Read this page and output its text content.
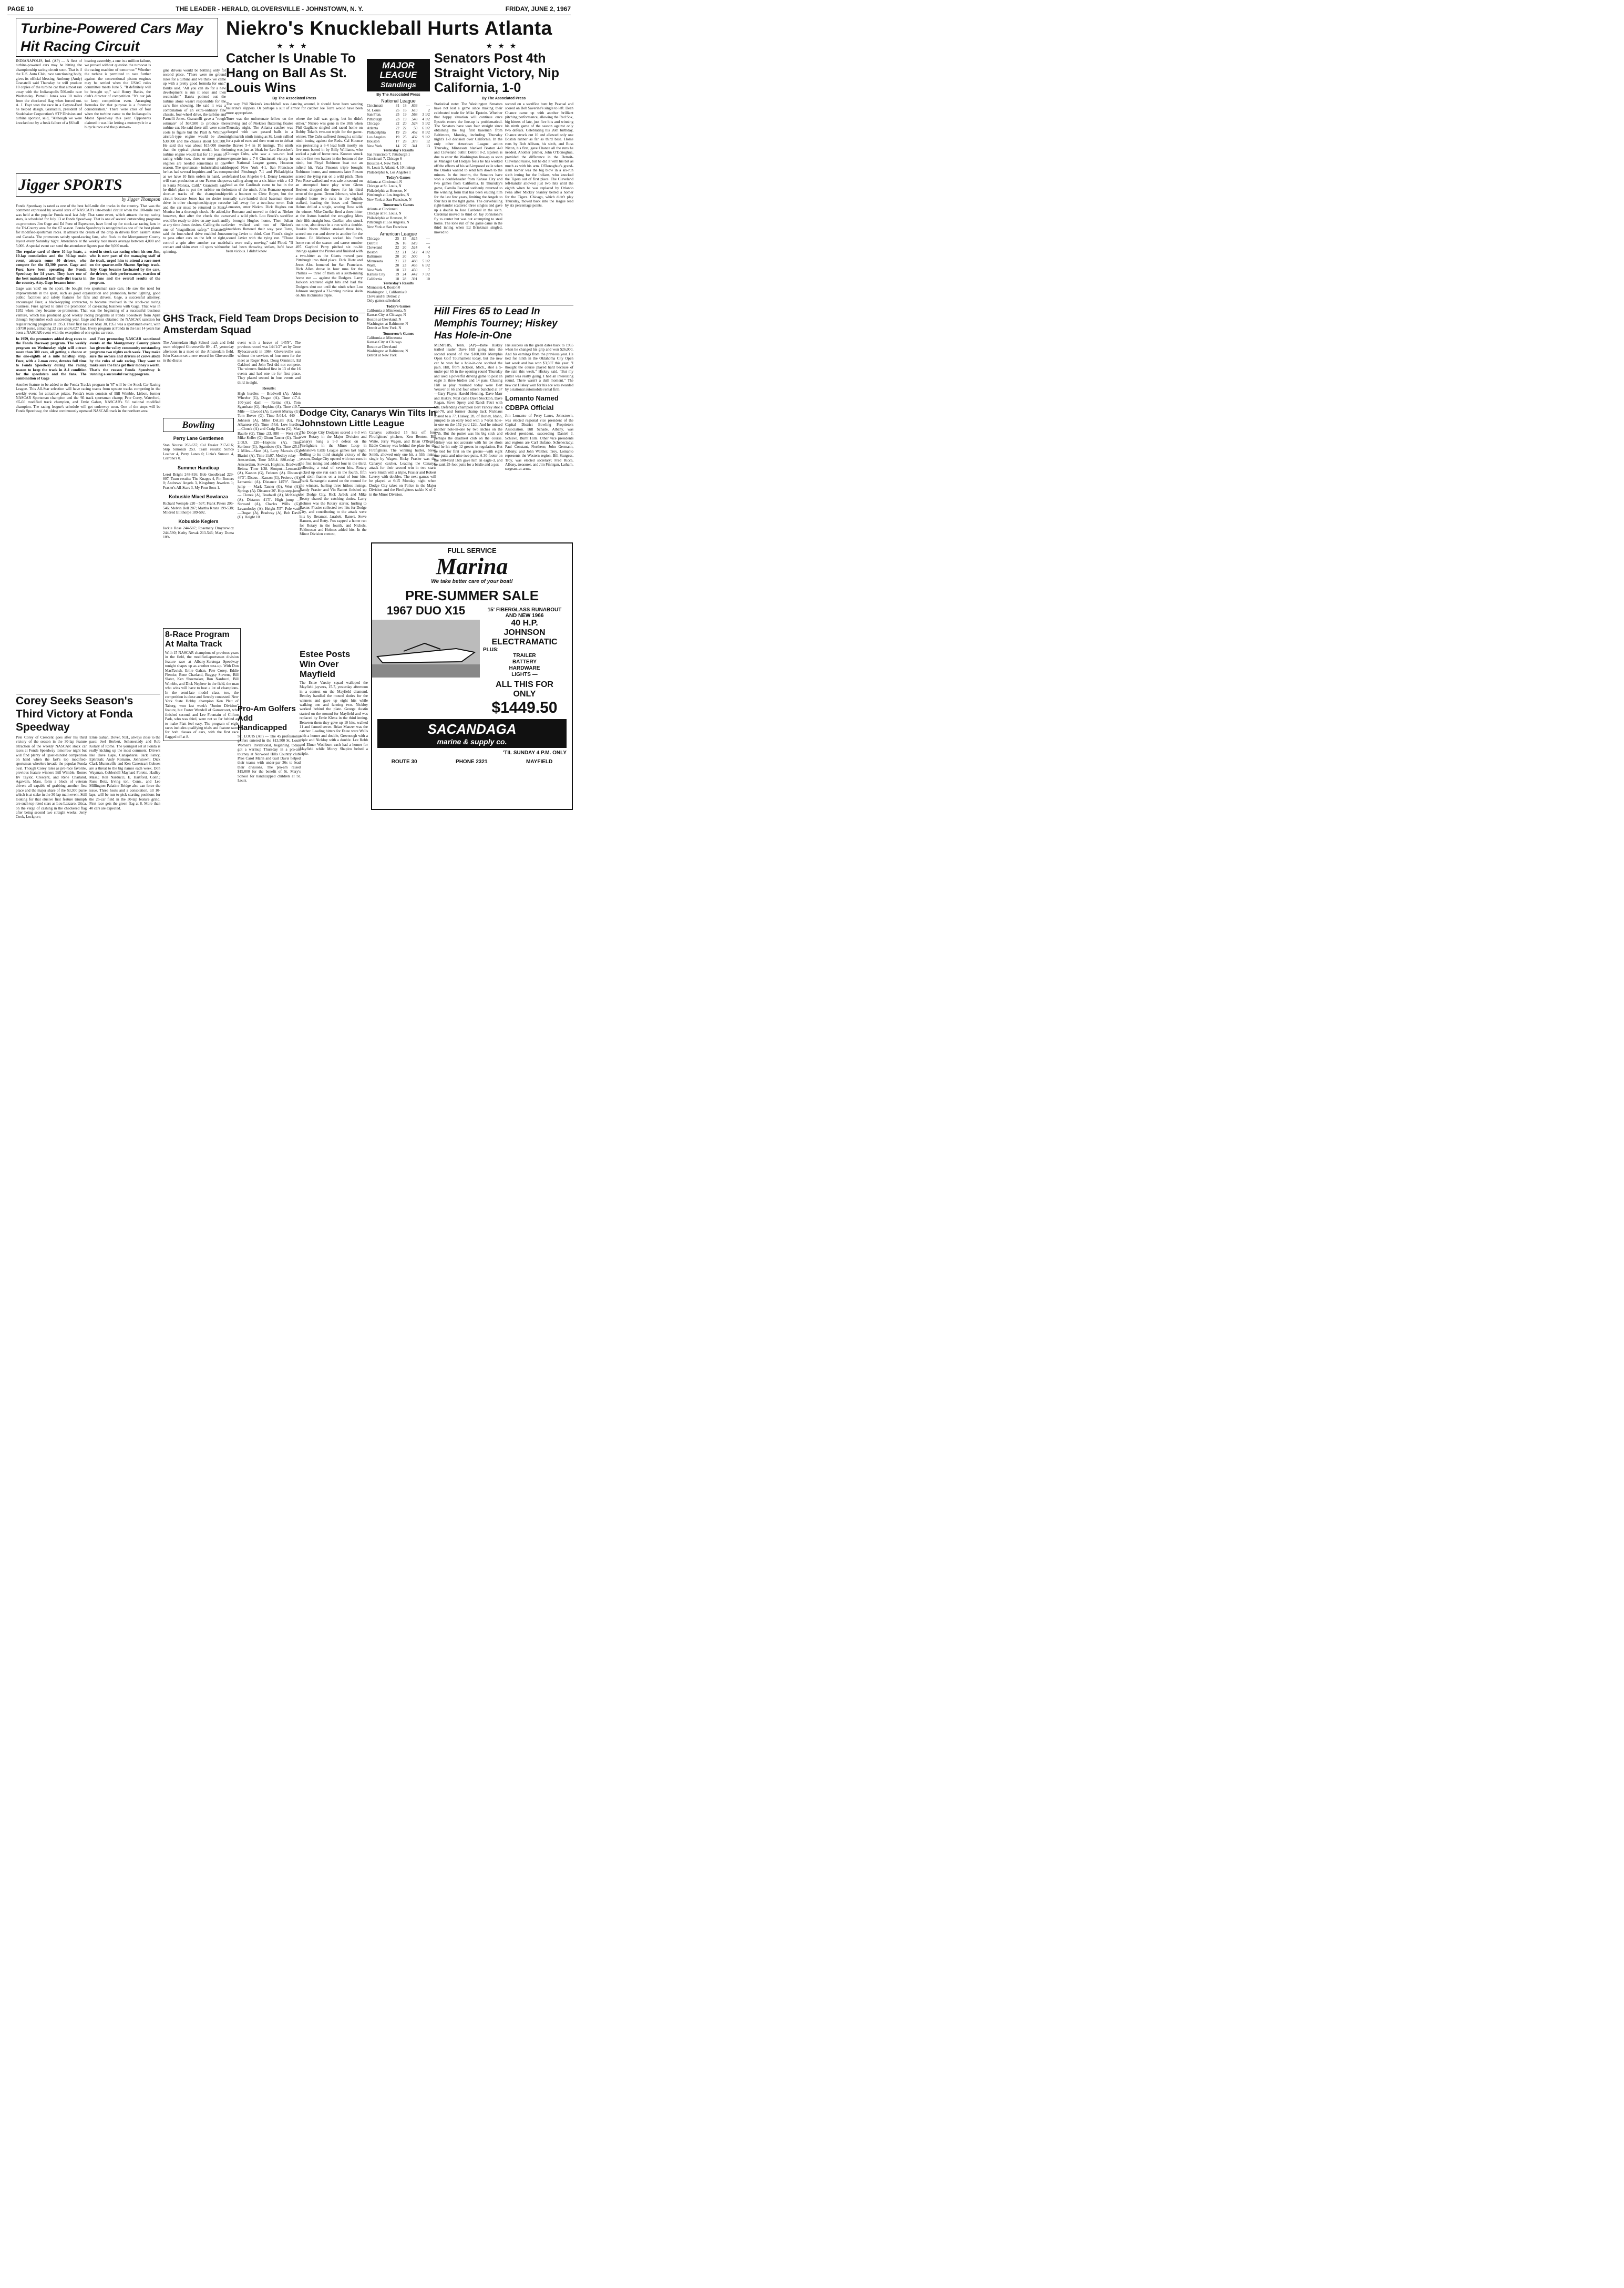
PAGE 10	THE LEADER - HERALD, GLOVERSVILLE - JOHNSTOWN, N. Y.	FRIDAY, JUNE 2, 1967
Turbine-Powered Cars May Hit Racing Circuit

INDIANAPOLIS, Ind. (AP) — A fleet of turbine-powered cars may be hitting the championship racing circuit soon. That is if the U.S. Auto Club, race sanctioning body, gives its official blessing. Anthony (Andy) Granatelli said Thursday he will produce 10 copies of the turbine car that almost ran away with the Indianapolis 500-mile race Wednesday. Parnelli Jones was 10 miles from the checkered flag when forced out. A. J. Foyt won the race in a Coyote-Ford he helped design. Granatelli, president of Studebaker Corporation's STP Division and turbine sponsor, said, "Although we were knocked out by a freak failure of a $6 ball

bearing assembly, a one in a million failure, we proved without question the turbocar is the racing machine of tomorrow." Whether the turbine is permitted to race further against the conventional piston engines may be settled when the USAC rules committee meets June 5. "It definitely will be brought up," said Henry Banks, the club's director of competition. "It's our job to keep competition even. Arranging formulas for that purpose is a foremost consideration." There were cries of foul when the turbine came to the Indianapolis Motor Speedway this year. Opponents claimed it was like letting a motorcycle in a bicycle race and the piston-en-

gine drivers would be battling only for second place. "There were no ground rules for a turbine and we think we came up with a pretty good formula for one," Banks said. "All you can do for a new development is run it once and then reconsider." Banks pointed out the turbine alone wasn't responsible for the car's fine showing. He said it was a combination of an extra-ordinary fine chassis, four-wheel drive, the turbine and Parnelli Jones. Granatelli gave a "rough estimate" of $67,500 to produce the turbine car. He said there still were some costs to figure but the Pratt & Whitney aircraft-type engine would be about $30,000 and the chassis about $37,500. He said this was about $15,000 more than the typical piston model, but the turbine engine would last for 10 years of racing while two, three or more piston engines are needed sometimes in one season. The sportsman - industrialist said he has had several inquiries and "as soon as we have 10 firm orders in hand, we will start production at our Paxton shops in Santa Monica, Calif." Granatelli said he didn't plan to put the turbine on the short-er tracks of the championship circuit because Jones has no desire to drive in other championship-type races and the car must be returned to Santa Monica for a thorough check. He added, however, that after the check the car would be ready to drive on any track and at any time Jones desires. Calling the car one of "magnificent safety," Granatelli said the four-wheel drive enabled Jones to pass other cars on the left or right, control a spin after another car made contact and skim over oil spots without spinning.

Jigger SPORTS
by Jigger Thompson

Fonda Speedway is rated as one of the best half-mile dirt tracks in the country. That was the comment expressed by several stars of NASCAR's late-model circuit when the 100-mile race was held at the popular Fonda oval last July. That same event, which attracts the top racing stars, is scheduled for July 13 at Fonda Speedway. That is one of several outstanding programs co-promoters Jim Gage and Ed Fuez of Esperance, have lined up for stock-car racing fans in the Tri-County area for the '67 season. Fonda Speedway is recognized as one of the best plants for modified-sportsman races. It attracts the cream of the crop in drivers from eastern states and Canada. The promoters satisfy speed-racing fans, who flock to the Montgomery County layout every Saturday night. Attendance at the weekly race meets average between 4,000 and 5,000. A special event can send the attendance figures past the 9,000 mark.

The regular card of three 10-lap heats, a 10-lap consolation and the 30-lap main event, attracts some 40 drivers, who compete for the $3,300 purse. Gage and Fuez have been operating the Fonda Speedway for 14 years. They have one of the best maintained half-mile dirt tracks in the country. Atty. Gage became inter-

ested in stock-car racing when his son Jim, who is now part of the managing staff of the track, urged him to attend a race meet on the quarter-mile Sharon Springs track. Atty. Gage became fascinated by the cars, the drivers, their performances, reaction of the fans and the overall results of the program.

Gage was 'sold' on the sport. He bought two sportsman race cars. He saw the need for improvements in the sport, such as good organization and promotion, better lighting, good public facilities and safety features for fans and drivers. Gage, a successful attorney, encouraged Fuez, a black-topping contractor, to become involved in the stock-car racing business. Fuez agreed to enter the promotion of car-racing business with Gage. That was in 1952 when they became co-promoters. That was the beginning of a successful business venture, which has produced good weekly racing programs at Fonda Speedway from April through September each succeeding year. Gage and Fuez obtained the NASCAR sanction for regular racing programs in 1953. Their first race on May 30, 1953 was a sportsman event, with a $750 purse, attracting 22 cars and 6,027 fans. Every program at Fonda in the last 14 years has been a NASCAR event with the exception of one sprint car race.

In 1959, the promoters added drag races to the Fonda Raceway program. The weekly program on Wednesday night will attract more than 300 cars, all getting a chance at the one-eighth of a mile hardtop strip. Fuez, with a 2-man crew, devotes full time to Fonda Speedway during the racing season to keep the track in A-1 condition for the speedsters and the fans. The combination of Gage

and Fuez promoting NASCAR sanctioned events at the Montgomery County plants has given the valley community outstanding programs two nights each week. They make sure the owners and drivers of crews abide by the rules of safe racing. They want to make sure the fans get their money's worth. That's the reason Fonda Speedway is running a successful racing program.

Another feature to be added to the Fonda Track's program in '67 will be the Stock Car Racing League. This All-Star selection will have racing teams from upstate tracks competing in the weekly event for attractive prizes. Fonda's team consists of Bill Wimble, Lisbon, former NASCAR Sportsman champion and the '66 track sportsman champ; Pete Corey, Waterford, '65-66 modified track champion, and Ernie Gahan, NASCAR's '66 national modified champion. The racing league's schedule will get underway soon. One of the stops will be Fonda Speedway, the oldest continuously operated NASCAR track in the northern area.

Corey Seeks Season's Third Victory at Fonda Speedway

Pete Corey of Crescent goes after his third victory of the season in the 30-lap feature attraction of the weekly NASCAR stock car races at Fonda Speedway tomorrow night but will find plenty of upset-minded competition on hand when the fast's top modified-sportsman wheelers invade the popular Fonda oval. Though Corey rates as pre-race favorite, previous feature winners Bill Wimble, Rome; Irv Taylor, Crescent, and Rene Charland, Agawam, Mass. form a block of veteran drivers all capable of grabbing another first place and the major share of the $3,300 purse which is at stake in the 30-lap main event. Still looking for that elusive first feature triumph are such top-rated stars as Lou Lazzaro, Utica, on the verge of cashing in the checkered flag after being second two straight weeks; Jerry Cook, Lockport;

Ernie Gahan, Dover, N.H., always close to the pace; Jeel Herbert, Schenectady and Rob Kotary of Rome. The youngest set at Fonda is really kicking up the most comment. Drivers like Dave Lape, Canajoharie; Jack Fancy, Ephratah; Andy Romano, Johnstown; Dick Clark Munnsville and Ken Canestrari Cohoes are a threat to the big names each week. Don Wayman, Cobleskill Maynard Forette, Hadley Mass.; Ron Narducci, E. Hartford, Conn.; Russ Betz, Irving ton, Conn., and Lee Millington Palatine Bridge also can force the issue. Three heats and a consolation, all 10-laps, will be run to pick starting positions for the 25-car field in the 30-lap feature grind. First race gets the green flag at 8. More than 40 cars are expected.

Bowling
Perry Lane Gentlemen

Stan Nourse 263-637; Cal Frasier 217-616; Skip Simonds 253. Team results: Simco Leather 4, Perry Lanes 0; Lizio's Sunoco 4, Cerrone's 0.

Summer Handicap

Leroi Bright 248-816; Bob Goodbread 229-807. Team results: The Knapps 4, Pin Busters 0; Andrews' Angels 3, Kingsbury Jewelers 1; Frasier's All-Stars 3, My Four Sons 1.

Kobuskie Mixed Bowlanza

Richard Wemple 220 - 597; Frank Peters 206-546; Melvin Bell 207; Martha Kranz 199-538; Mildred Ellithorpe 189-502.

Kobuskie Keglers

Jackie Ross 244-587; Rosemary Dmyterwicz 244-590; Kathy Novak 213-546; Mary Duma 189-

8-Race Program At Malta Track

With 15 NASCAR champions of previous years in the field, the modified-sportsman division feature race at Albany-Saratoga Speedway tonight shapes up as another toss-up. With Don MacTavish, Ernie Gahan, Pete Corey, Eddie Flemke, Rene Charland, Buggsy Stevens, Bill Slater, Ken Shoemaker, Ron Narducci, Bill Wimble, and Dick Nephew in the field, the man who wins will have to beat a lot of champions. In the semi-late model class, too, the competition is close and fiercely contested. New York State Hobby champion Ken Platt of Taberg, won last week's "Junior Division" feature, but Foster Wendell of Gansevoort, who finished second, and Lee Fountain of Clifton Park, who was third, were not so far behind as to make Platt feel easy. The program of eight races includes qualifying trials and feature races for both classes of cars, with the first race flagged off at 8.

Niekro's Knuckleball Hurts Atlanta
★★★
Catcher Is Unable To Hang on Ball As St. Louis Wins
By The Associated Press

The way Phil Niekro's knuckleball was dancing around, it should have been wearing ballerina's slippers. Or perhaps a suit of armor for catcher Joe Torre would have been more appropriate.

Torre was the unfortunate fellow on the receiving end of Niekro's fluttering floater Thursday night. The Atlanta catcher was charged with two passed balls in a nightmarish ninth inning as St. Louis rallied for a pair of runs and then went on to defeat the Braves 5-4 in 10 innings. The ninth inning was just as bleak for Leo Durocher's Chicago Cubs, who saw a two-run lead evaporate into a 7-6 Cincinnati victory. In other National League games, Houston dropped New York 4-1, San Francisco pounded Pittsburgh 7-1 and Philadelphia defeated Los Angeles 6-1. Denny Lemaster was sailing along on a six-hitter with a 4-2 lead as the Cardinals came to bat in the bottom of the ninth. John Romano opened with a bouncer to Clete Boyer, but the usually sure-handed third baseman threw the ball away for a two-base error. Exit Lemaster, enter Niekro. Dick Hughes ran for Romano and moved to third as Niekro served a wild pitch. Lou Brock's sacrifice fly brought Hughes home. Then Julian Javier walked and two of Niekro's knucklers fluttered their way past Torre, moving Javier to third. Curt Flood's single scored Javier with the tying run. "Those balls were really moving," said Flood. "If he had been throwing strikes, he'd have been vicious. I didn't know

where the ball was going, but he didn't either." Niekro was gone in the 10th when Phil Gagliano singled and raced home on Bobby Tolan's two-out triple for the game-winner. The Cubs suffered through a similar ninth inning against the Reds. Cal Koonce was protecting a 6-4 lead built mostly on five runs batted in by Billy Williams, who socked a pair of home runs. Koonce struck out the first two batters in the bottom of the ninth, but Floyd Robinson beat out an infield hit. Vada Pinson's triple brought Robinson home, and moments later Pinson scored the tying run on a wild pitch. Then Pete Rose walked and was safe at second on an attempted force play when Glenn Beckert dropped the throw for his third error of the game. Deron Johnson, who had singled home two runs in the eighth, walked, loading the bases and Tommy Helms drilled a single, scoring Rose with the winner. Mike Cuellar fired a three-hitter at the Astros handed the struggling Mets their fifth straight loss. Cuellar, who struck out nine, also drove in a run with a double. Rookie Norm Miller stroked three hits, scored one run and drove in another for the Astros. Ed Mathews socked his fourth home run of the season and career number 497. Gaylord Perry pitched six no-hit innings against the Pirates and finished with a two-hitter as the Giants moved past Pittsburgh into third place. Dick Dietz and Jesus Alou homered for San Francisco. Rich Allen drove in four runs for the Phillies — three of them on a sixth-inning home run — against the Dodgers. Larry Jackson scattered eight hits and had the Dodgers shut out until the ninth when Lou Johnson snapped a 23-inning runless skein on Jim Hickman's triple.

MAJOR
LEAGUE
Standings
By The Associated Press
National League
Cincinnati	31	18	.633	—
St. Louis	25	16	.610	2
San Fran.	25	19	.568	3 1/2
Pittsburgh	23	19	.548	4 1/2
Chicago	22	20	.524	5 1/2
Atlanta	22	22	.50	6 1/2
Philadelphia	19	23	.452	8 1/2
Los Angeles	19	25	.432	9 1/2
Houston	17	28	.378	12
New York	14	27	.341	13
Yesterday's Results
San Francisco 7, Pittsburgh 1
Cincinnati 7, Chicago 6
Houston 4, New York 1
St. Louis 5, Atlanta 4, 10 innings
Philadelphia 6, Los Angeles 1
Today's Games
Atlanta at Cincinnati, N
Chicago at St. Louis, N
Philadelphia at Houston, N
Pittsburgh at Los Angeles, N
New York at San Francisco, N
Tomorrow's Games
Atlanta at Cincinnati
Chicago at St. Louis, N
Philadelphia at Houston, N
Pittsburgh at Los Angeles, N
New York at San Francisco
American League
Chicago	25	15	.625	—
Detroit	26	16	.619	—
Cleveland	22	20	.524	4
Boston	22	21	.512	4 1/2
Baltimore	20	20	.500	5
Minnesota	21	22	.488	5 1/2
Wash.	20	23	.465	6 1/2
New York	18	22	.450	7
Kansas City	19	24	.442	7 1/2
California	18	28	.391	10
Yesterday's Results
Minnesota 4, Boston 0
Washington 1, California 0
Cleveland 8, Detroit 2
Only games scheduled
Today's Games
California at Minnesota, N
Kansas City at Chicago, N
Boston at Cleveland, N
Washington at Baltimore, N
Detroit at New York, N
Tomorrow's Games
California at Minnesota
Kansas City at Chicago
Boston at Cleveland
Washington at Baltimore, N
Detroit at New York
★★★
Senators Post 4th Straight Victory, Nip California, 1-0
By The Associated Press

Statistical note: The Washington Senators have not lost a game since making their celebrated trade for Mike Epstein. Whether that happy situation will continue once Epstein enters the line-up is problematical. The Senators have won four straight since obtaining the big first baseman from Baltimore, Monday, including Thursday night's 1-0 decision over California. In the only other American League action Thursday, Minnesota blanked Boston 4-0 and Cleveland outhit Detroit 8-2. Epstein is due to enter the Washington line-up as soon as Manager Gil Hodges feels he has worked off the effects of his self-imposed exile when the Orioles wanted to send him down to the minors. In the interim, the Senators have won a doubleheader from Kansas City and two games from California. In Thursday's game, Camilo Pascual suddenly returned to the winning form that has been eluding him for the last few years, limiting the Angels to four hits in the tight game. The curveballing right-hander scattered three singles and gave up a double to Jose Cardenal in the sixth. Cardenal moved to third on Jay Johnstone's fly to center but was out attempting to steal home. The lone run of the game came in the third inning when Ed Brinkman singled, moved to

second on a sacrifice bunt by Pascual and scored on Bob Saverine's single to left. Dean Chance came up with another brilliant pitching performance, allowing the Red Sox, big hitters of late, just five hits and winning his ninth game of the season against only two defeats. Celebrating his 26th birthday, Chance struck out 10 and allowed only one Boston runner as far as third base. Home runs by Bob Allison, his sixth, and Russ Nixon, his first, gave Chance all the runs he needed. Another pitcher, John O'Donoghue, provided the difference in the Detroit-Cleveland tussle, but he did it with his bat as much as with his arm. O'Donoghue's grand-slam homer was the big blow in a six-run sixth inning for the Indians, who knocked the Tigers out of first place. The Cleveland left-hander allowed just two hits until the eighth when he was replaced by Orlando Pena after Mickey Stanley belted a homer for the Tigers. Chicago, which didn't play Thursday, moved back into the league lead by six percentage points.

GHS Track, Field Team Drops Decision to Amsterdam Squad

The Amsterdam High School track and field team whipped Gloversville 89 - 47, yesterday afternoon in a meet on the Amsterdam field. John Kasson set a new record for Gloversville in the discus

event with a heave of 145'9". The previous record was 144'1/2" set by Gene Rybaczewski in 1964. Gloversville was without the services of four men for the meet as Roger Ross, Doug Ormiston, Ed Oakford and John Tesi did not compete. The winners finished first in 13 of the 16 events and had one tie for first place. They placed second in four events and third in eight.

Results:

High hurdles — Bradwell (A), Alden Wheeler (G), Dugan (A). Time :17.4. 100-yard dash — Reitna (A), Tom Sgambato (G), Hopkins (A). Time :10.7. Mile — Elwood (A), Everett Murray (G), Tom Bovee (G). Time 5:04.4. 440 — Johnson (A), Mike DeLilli (G), Pat Albanese (G). Time :54.6. Low hurdles—Clonek (A) and Craig Banta (G), Matt Baurle (G). Time :23. 880 — Wert (A), Mike Keller (G) Glenn Tanner (G). Time 2:08.9. 220—Hopkins (A), Time Scribner (G), Sgambato (G). Time :25.1. 2 Miles—Skee (A), Larry Marcais (G), Biasini (A). Time 11:07. Medley relay — Amsterdam, Time 3:58.4. 880-relay — Amsterdam, Stewart, Hopkins, Bradwell, Reitna. Time 1:38. Shotput—Lemanski (A), Kasson (G), Federov (A). Distance 46'3". Discus—Kasson (G), Federov (A), Lemanski (A). Distance 145'9". Broad jump — Mark Tanner (G), Wert (A), Springs (A). Distance 20'. Hop-step-jump — Clonek (A), Bradwell (A), McKnight (A). Distance 41'3". High jump — Steward (A), Charles Wills (G), Levandosky (A). Height 5'5". Pole vault—Dugan (A), Bradway (A), Bob Davis (G). Height 10'.

Pro-Am Golfers Add Handicapped

ST. LOUIS (AP) — The 45 professional golfers entered in the $13,500 St. Louis Women's Invitational, beginning today, got a warmup Thursday in a pro-am tourney at Norwood Hills Country club. Pros Carol Mann and Gail Davis helped their teams with under-par 36s to lead their divisions. The pro-am raised $19,000 for the benefit of St. Mary's School for handicapped children at St. Louis.

Dodge City, Canarys Win Tilts In Johnstown Little League

The Dodge City Dodgers scored a 6-3 win over Rotary in the Major Division and Canarys hung a 9-0 defeat on the Firefighters in the Minor Loop in Johnstown Little League games last night. Rolling to its third straight victory of the season, Dodge City opened with two runs in the first inning and added four in the third, collecting a total of seven hits. Rotary picked up one run each in the fourth, fifth and sixth frames on a total of four hits. Frank Santangelo started on the mound for the winners, hurling three hitless innings. Randy Frasier and Vin Ranert finished up for Dodge City. Rick Jarbek and Mike Beatty shared the catching duties. Larry Holmes was the Rotary starter, hurling to Baxter. Frasier collected two hits for Dodge City, and contributing to the attack were hits by Breamer, Jarabek, Ranert, Steve Hansen, and Betty. Fox rapped a home run for Rotary in the fourth, and Nichols, Felthousen and Holmes added hits. In the Minor Division contest,

Canarys collected 15 hits off four Firefighters' pitchers, Ken Benton, Bill Waite, Jerry Wagen, and Brian O'Regan. Eddie Conroy was behind the plate for the Firefighters. The winning hurler, Steve Smith, allowed only one hit, a fifth inning single by Wagen. Ricky Frasier was the Canarys' catcher. Leading the Canarys' attack for their second win in two starts were Smith with a triple, Frasier and Robert Lavery with doubles. The next games will be played at 6:15 Monday night when Dodge City takes on Police in the Major Division and the Firefighters tackle K of C in the Minor Division.

Estee Posts Win Over Mayfield

The Estee Varsity squad walloped the Mayfield jayvees, 15-7, yesterday afternoon in a contest on the Mayfield diamond. Bentley handled the mound duties for the winners and gave up eight hits while walking one and fanning two. Nickloy worked behind the plate. George Austin started on the mound for Mayfield and was replaced by Ernie Klena in the third inning. Between them they gave up 10 hits, walked 11 and fanned seven. Brian Manzer was the catcher. Leading hitters for Estee were Walls with a homer and double, Greenough with a triple and Nickloy with a double. Lee Robb and Elmer Washburn each had a homer for Mayfield while Morey Shapiro belted a triple.

Hill Fires 65 to Lead In Memphis Tourney; Hiskey Has Hole-in-One

MEMPHIS, Tenn. (AP)—Babe Hiskey trailed leader Dave Hill going into the second round of the $100,000 Memphis Open Golf Tournament today, but the new car he won for a hole-in-one soothed the pain. Hill, from Jackson, Mich., shot a 5-under-par 65 in the opening round Thursday and used a powerful driving game to post an eagle 3, three birdies and 14 pars. Chasing Hill as play resumed today were Bert Weaver at 66 and four others bunched at 67—Gary Player, Harold Henning, Dave Marr and Hiskey. Next came Dave Stockton, Dave Ragan, Steve Sprey and Randi Petri with 68s. Defending champion Bert Yancey shot a par-70, and former champ Jack Nicklaus soared to a 77. Hiskey, 28, of Burley, Idaho, jumped to an early lead with a 7-iron hole-in-one on the 152-yard 12th. And he missed another hole-in-one by two inches on the 17th. But the putter was his big stick and perhaps the deadliest club on the course. Hiskey was not accurate with his tee shots and he hit only 12 greens in regulation. But he tied for first on the greens—with eight one-putts and nine two-putts. A 30-footer on the 500-yard 16th gave him an eagle-3, and he sank 25-foot putts for a birdie and a par.

His success on the green dates back to 1965 when he changed his grip and won $26,000. And his earnings from the previous year. He tied for ninth in the Oklahoma City Open last week and has won $3,597 this year. "I thought the course played hard because of the rain this week," Hiskey said. "But my putter was really going. I had an interesting round. There wasn't a dull moment." The new car Hiskey won for his ace was awarded by a national automobile rental firm.

Lomanto Named CDBPA Official

Jim Lomanto of Perry Lanes, Johnstown, was elected regional vice president of the Capital District Bowling Proprietors Association. Bill Schade, Albany, was elected president, succeeding Daniel J. Schiavo, Burnt Hills. Other vice presidents and regions are Carl Bufano, Schenectady; Paul Constant, Northern; John Germann, Albany; and John Walther, Troy. Lomanto represents the Western region. Bill Sturgess, Troy, was elected secretary; Fred Ricca, Albany, treasurer, and Jim Finnigan, Latham, sergeant-at-arms.

FULL SERVICE
Marina
We take better care of your boat!
PRE-SUMMER SALE
1967 DUO X15	15' FIBERGLASS RUNABOUT
AND NEW 1966
40 H.P.
JOHNSON
ELECTRAMATIC
PLUS:
TRAILER
BATTERY
HARDWARE
LIGHTS —
ALL THIS FOR
ONLY
$1449.50
SACANDAGA
marine & supply co.
'TIL SUNDAY 4 P.M. ONLY
ROUTE 30	PHONE 2321	MAYFIELD
